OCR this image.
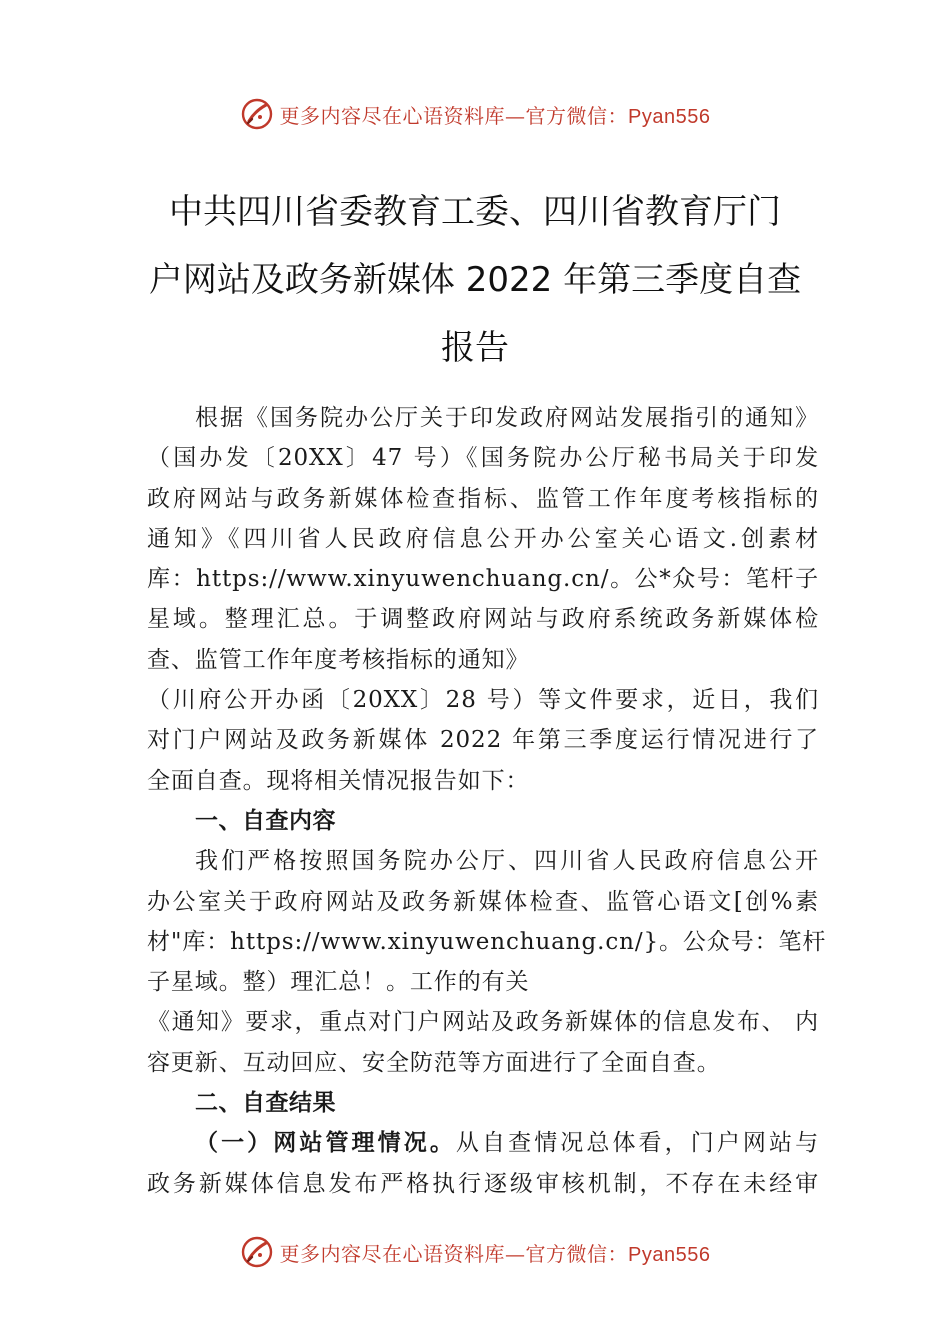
更多内容尽在心语资料库—官方微信：Pyan556
中共四川省委教育工委、四川省教育厅门
户网站及政务新媒体 2022 年第三季度自查
报告
根据《国务院办公厅关于印发政府网站发展指引的通知》
（国办发〔20XX〕47 号）《国务院办公厅秘书局关于印发
政府网站与政务新媒体检查指标、监管工作年度考核指标的
通知》《四川省人民政府信息公开办公室关心语文.创素材
库：https://www.xinyuwenchuang.cn/。公*众号：笔杆子
星域。整理汇总。于调整政府网站与政府系统政务新媒体检
查、监管工作年度考核指标的通知》
（川府公开办函〔20XX〕28 号）等文件要求，近日，我们
对门户网站及政务新媒体 2022 年第三季度运行情况进行了
全面自查。现将相关情况报告如下：
一、自查内容
我们严格按照国务院办公厅、四川省人民政府信息公开
办公室关于政府网站及政务新媒体检查、监管心语文[创%素
材"库：https://www.xinyuwenchuang.cn/}。公众号：笔杆
子星域。整）理汇总！。工作的有关
《通知》要求，重点对门户网站及政务新媒体的信息发布、 内
容更新、互动回应、安全防范等方面进行了全面自查。
二、自查结果
（一）网站管理情况。从自查情况总体看，门户网站与
政务新媒体信息发布严格执行逐级审核机制，不存在未经审
更多内容尽在心语资料库—官方微信：Pyan556
